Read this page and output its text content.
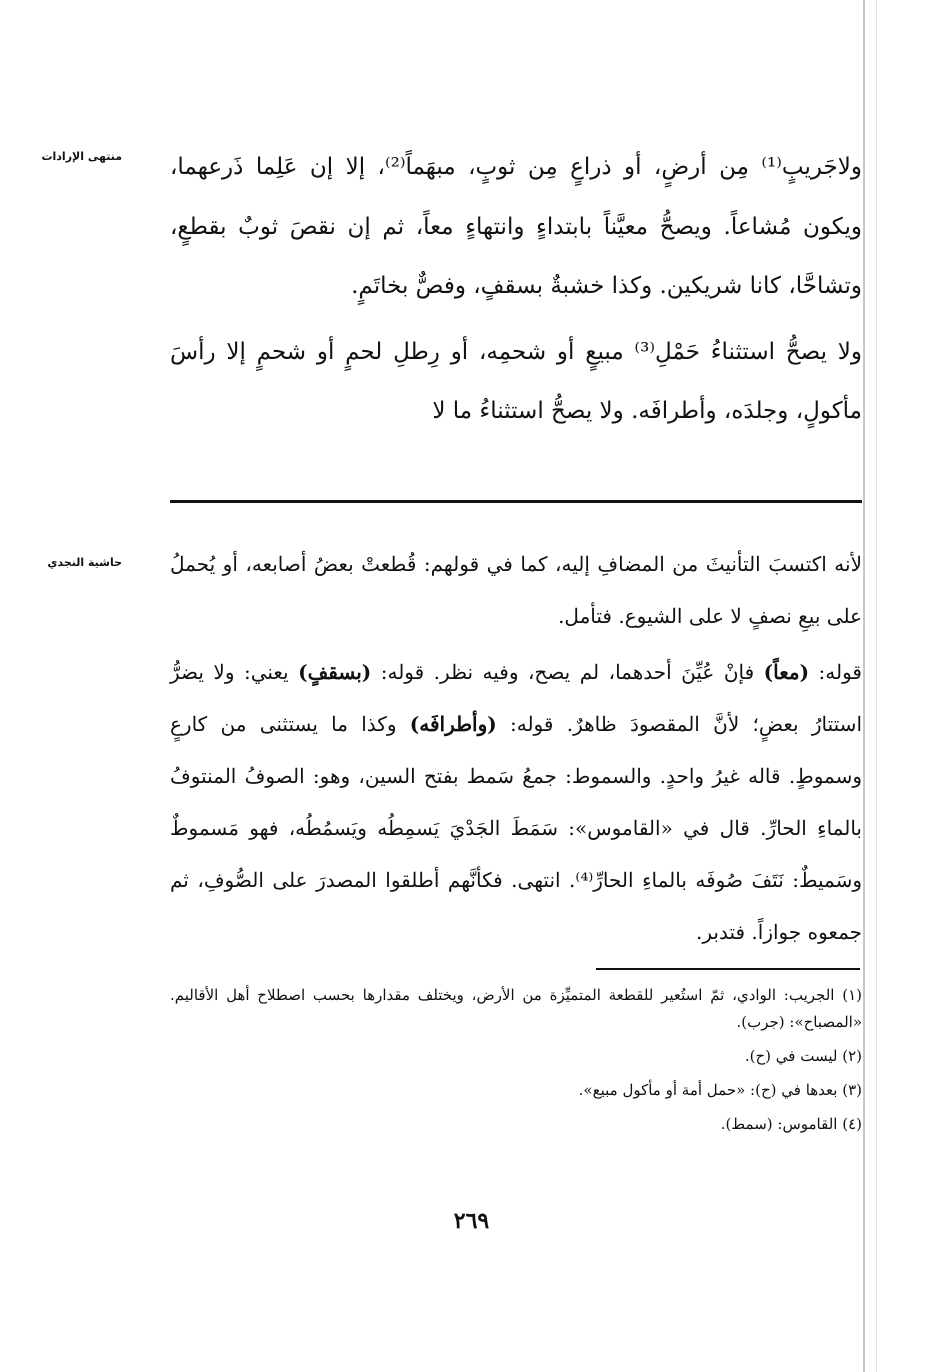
منتهى الإرادات
حاشية النجدي

ولاجَريبٍ⁽¹⁾ مِن أرضٍ، أو ذراعٍ مِن ثوبٍ، مبهَماً⁽²⁾، إلا إن عَلِما ذَرعهما، ويكون مُشاعاً. ويصحُّ معيَّناً بابتداءٍ وانتهاءٍ معاً، ثم إن نقصَ ثوبٌ بقطعٍ، وتشاحَّا، كانا شريكين. وكذا خشبةٌ بسقفٍ، وفصٌّ بخاتَمٍ.

ولا يصحُّ استثناءُ حَمْلِ⁽³⁾ مبيعٍ أو شحمِه، أو رِطلِ لحمٍ أو شحمٍ إلا رأسَ مأكولٍ، وجلدَه، وأطرافَه. ولا يصحُّ استثناءُ ما لا

لأنه اكتسبَ التأنيثَ من المضافِ إليه، كما في قولهم: قُطعتْ بعضُ أصابعه، أو يُحملُ على بيعِ نصفٍ لا على الشيوع. فتأمل.

قوله: (معاً) فإنْ عُيِّنَ أحدهما، لم يصح، وفيه نظر. قوله: (بسقفٍ) يعني: ولا يضرُّ استتارُ بعضٍ؛ لأنَّ المقصودَ ظاهرٌ. قوله: (وأطرافَه) وكذا ما يستثنى من كارعٍ وسموطٍ. قاله غيرُ واحدٍ. والسموط: جمعُ سَمط بفتح السين، وهو: الصوفُ المنتوفُ بالماءِ الحارِّ. قال في «القاموس»: سَمَطَ الجَدْيَ يَسمِطُه ويَسمُطُه، فهو مَسموطٌ وسَميطٌ: نَتَفَ صُوفَه بالماءِ الحارِّ⁽⁴⁾. انتهى. فكأنَّهم أطلقوا المصدرَ على الصُّوفِ، ثم جمعوه جوازاً. فتدبر.

(١) الجريب: الوادي، ثمّ استُعير للقطعة المتميِّزة من الأرض، ويختلف مقدارها بحسب اصطلاح أهل الأقاليم. «المصباح»: (جرب).

(٢) ليست في (ح).

(٣) بعدها في (ح): «حمل أمة أو مأكول مبيع».

(٤) القاموس: (سمط).

٢٦٩
